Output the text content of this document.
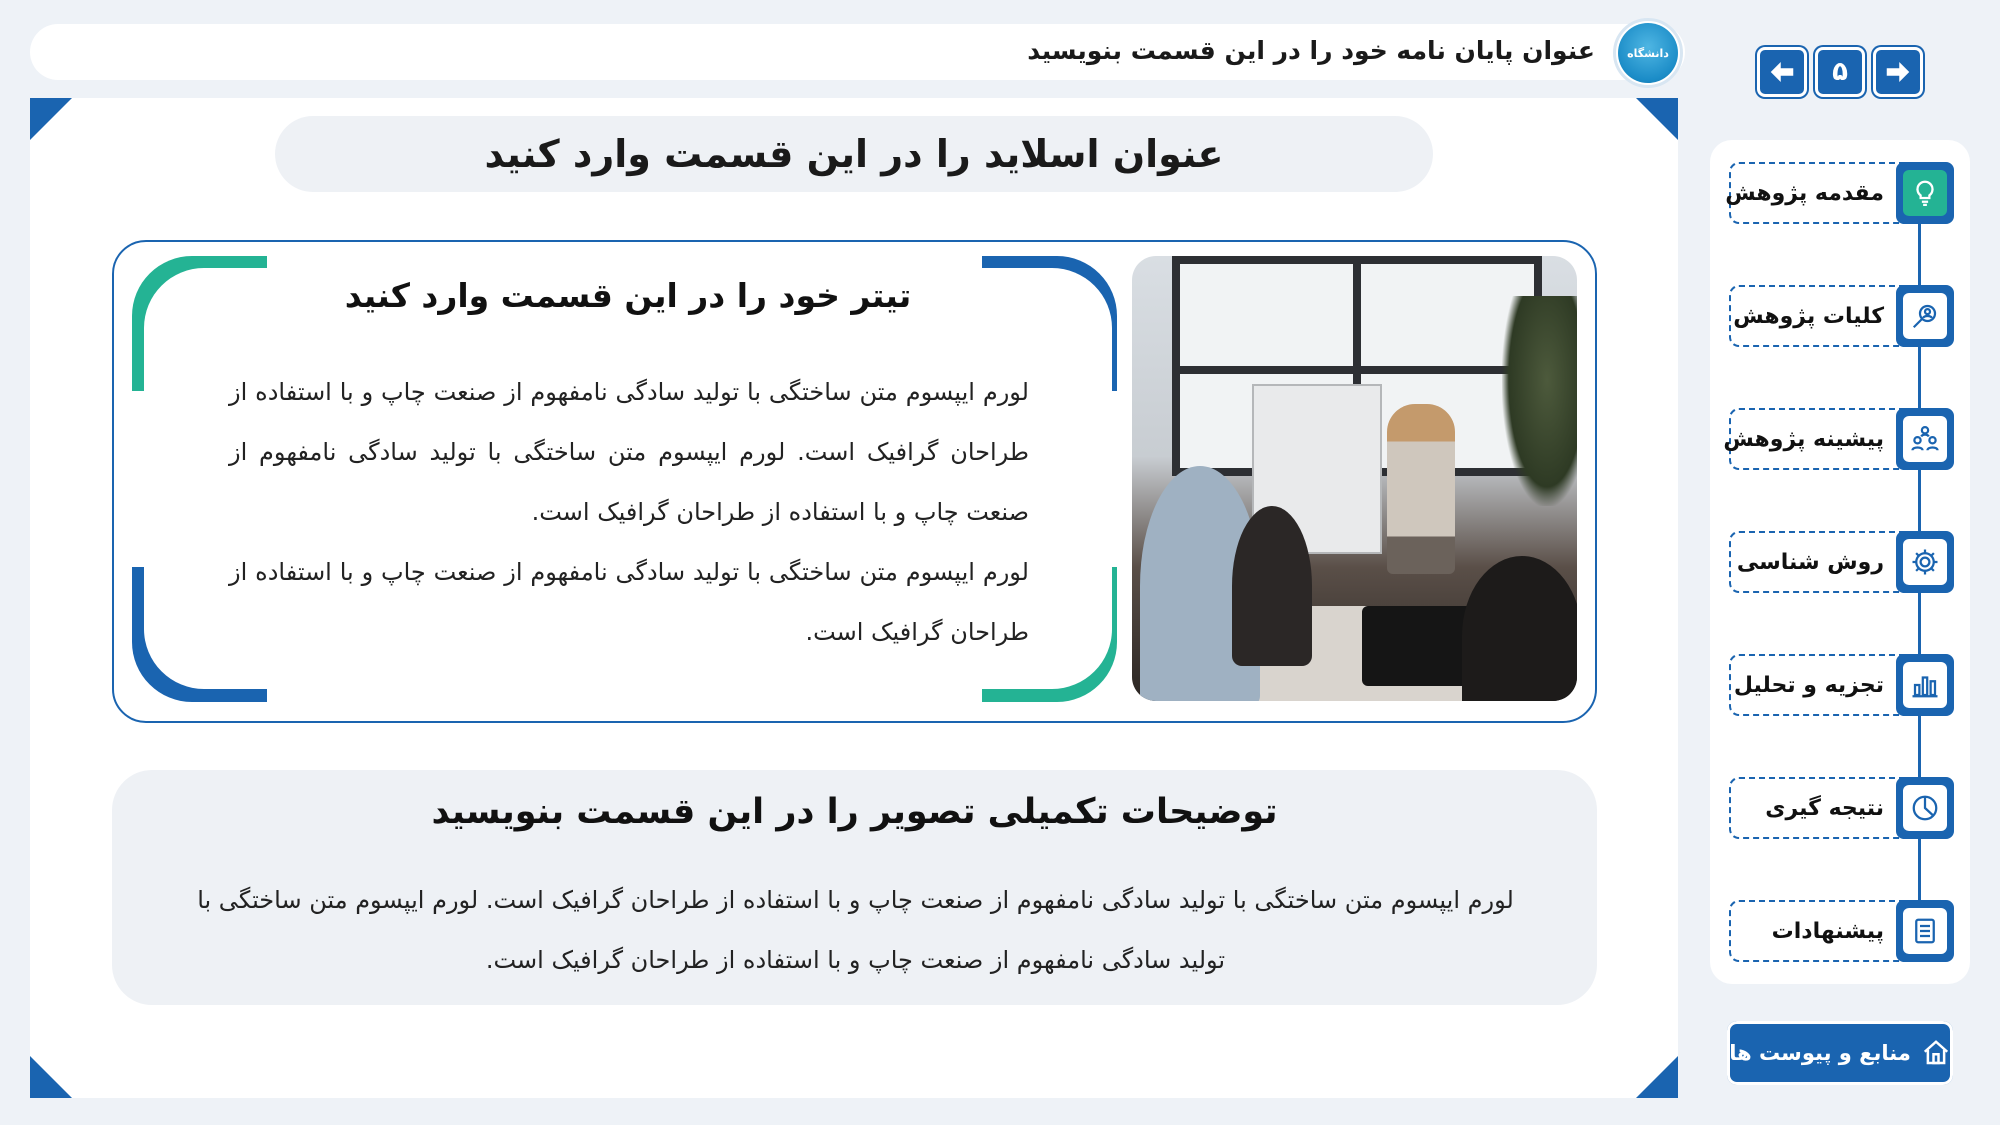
عنوان پایان نامه خود را در این قسمت بنویسید	دانشگاه
عنوان اسلاید را در این قسمت وارد کنید
تیتر خود را در این قسمت وارد کنید

لورم ایپسوم متن ساختگی با تولید سادگی نامفهوم از صنعت چاپ و با استفاده از طراحان گرافیک است. لورم ایپسوم متن ساختگی با تولید سادگی نامفهوم از صنعت چاپ و با استفاده از طراحان گرافیک است.

لورم ایپسوم متن ساختگی با تولید سادگی نامفهوم از صنعت چاپ و با استفاده از طراحان گرافیک است.

توضیحات تکمیلی تصویر را در این قسمت بنویسید
لورم ایپسوم متن ساختگی با تولید سادگی نامفهوم از صنعت چاپ و با استفاده از طراحان گرافیک است. لورم ایپسوم متن ساختگی با تولید سادگی نامفهوم از صنعت چاپ و با استفاده از طراحان گرافیک است.
۵
مقدمه پژوهش
کلیات پژوهش
پیشینه پژوهش
روش شناسی
تجزیه و تحلیل
نتیجه گیری
پیشنهادات
منابع و پیوست ها
